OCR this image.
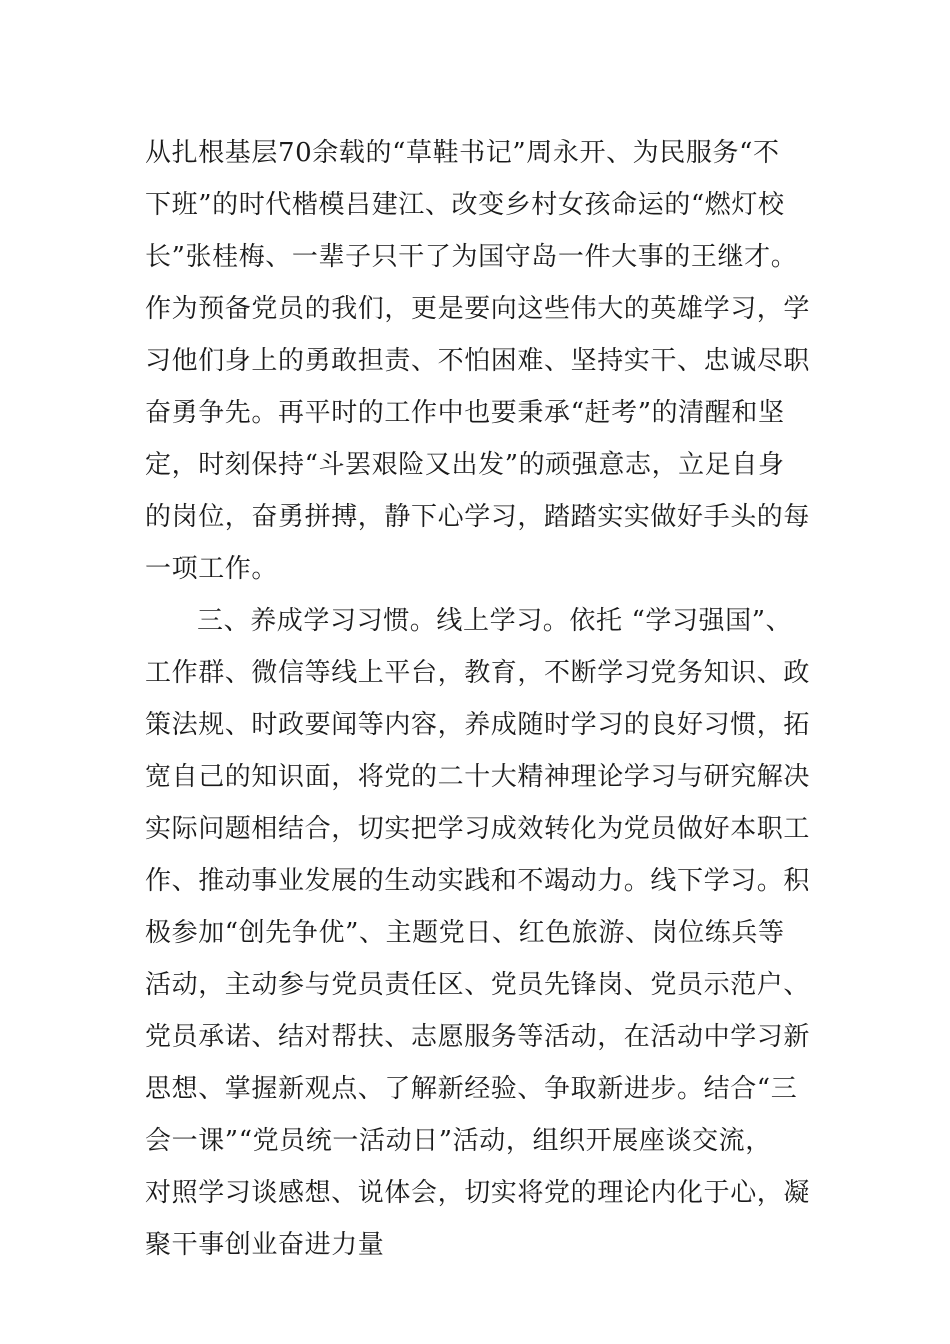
从扎根基层70余载的“草鞋书记”周永开、为民服务“不
下班”的时代楷模吕建江、改变乡村女孩命运的“燃灯校
长”张桂梅、一辈子只干了为国守岛一件大事的王继才。
作为预备党员的我们，更是要向这些伟大的英雄学习，学
习他们身上的勇敢担责、不怕困难、坚持实干、忠诚尽职
奋勇争先。再平时的工作中也要秉承“赶考”的清醒和坚
定，时刻保持“斗罢艰险又出发”的顽强意志，立足自身
的岗位，奋勇拼搏，静下心学习，踏踏实实做好手头的每
一项工作。
三、养成学习习惯。线上学习。依托 “学习强国”、
工作群、微信等线上平台，教育，不断学习党务知识、政
策法规、时政要闻等内容，养成随时学习的良好习惯，拓
宽自己的知识面，将党的二十大精神理论学习与研究解决
实际问题相结合，切实把学习成效转化为党员做好本职工
作、推动事业发展的生动实践和不竭动力。线下学习。积
极参加“创先争优”、主题党日、红色旅游、岗位练兵等
活动，主动参与党员责任区、党员先锋岗、党员示范户、
党员承诺、结对帮扶、志愿服务等活动，在活动中学习新
思想、掌握新观点、了解新经验、争取新进步。结合“三
会一课”“党员统一活动日”活动，组织开展座谈交流，
对照学习谈感想、说体会，切实将党的理论内化于心，凝
聚干事创业奋进力量
